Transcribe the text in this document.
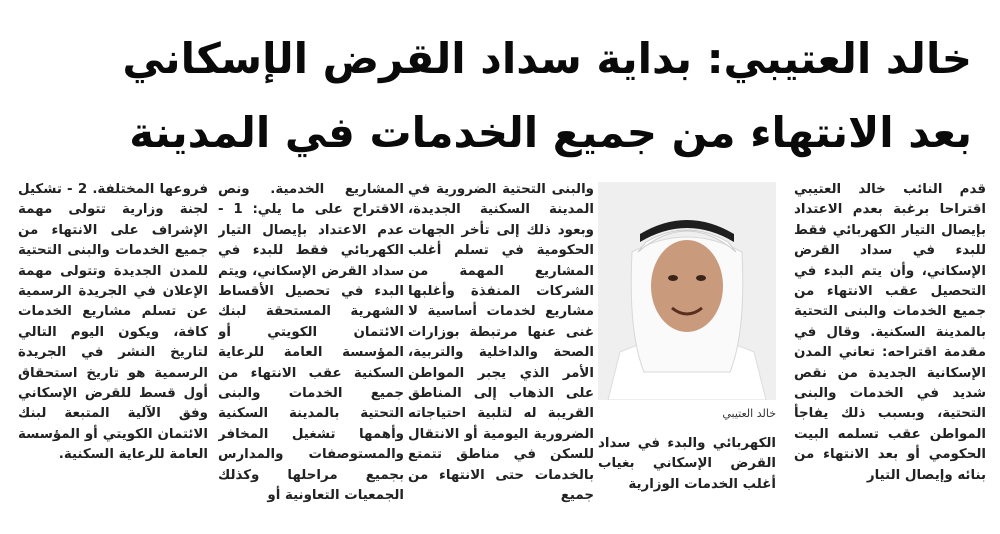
خالد العتيبي: بداية سداد القرض الإسكاني
بعد الانتهاء من جميع الخدمات في المدينة

قدم النائب خالد العتيبي اقتراحا برغبة بعدم الاعتداد بإيصال التيار الكهربائي فقط للبدء في سداد القرض الإسكاني، وأن يتم البدء في التحصيل عقب الانتهاء من جميع الخدمات والبنى التحتية بالمدينة السكنية. وقال في مقدمة اقتراحه: تعاني المدن الإسكانية الجديدة من نقص شديد في الخدمات والبنى التحتية، وبسبب ذلك يفاجأ المواطن عقب تسلمه البيت الحكومي أو بعد الانتهاء من بنائه وإيصال التيار

خالد العتيبي

والبنى التحتية الضرورية في المدينة السكنية الجديدة، وبعود ذلك إلى تأخر الجهات الحكومية في تسلم أغلب المشاريع المهمة من الشركات المنفذة وأغلبها مشاريع لخدمات أساسية لا غنى عنها مرتبطة بوزارات الصحة والداخلية والتربية، الأمر الذي يجبر المواطن على الذهاب إلى المناطق القريبة له لتلبية احتياجاته الضرورية اليومية أو الانتقال للسكن في مناطق تتمتع بالخدمات حتى الانتهاء من جميع

الكهربائي والبدء في سداد القرض الإسكاني بغياب أغلب الخدمات الوزارية

المشاريع الخدمية. ونص الاقتراح على ما يلي: 1 - عدم الاعتداد بإيصال التيار الكهربائي فقط للبدء في سداد القرض الإسكاني، ويتم البدء في تحصيل الأقساط الشهرية المستحقة لبنك الائتمان الكويتي أو المؤسسة العامة للرعاية السكنية عقب الانتهاء من جميع الخدمات والبنى التحتية بالمدينة السكنية وأهمها تشغيل المخافر والمستوصفات والمدارس بجميع مراحلها وكذلك الجمعيات التعاونية أو

فروعها المختلفة. 2 - تشكيل لجنة وزارية تتولى مهمة الإشراف على الانتهاء من جميع الخدمات والبنى التحتية للمدن الجديدة وتتولى مهمة الإعلان في الجريدة الرسمية عن تسلم مشاريع الخدمات كافة، ويكون اليوم التالي لتاريخ النشر في الجريدة الرسمية هو تاريخ استحقاق أول قسط للقرض الإسكاني وفق الآلية المتبعة لبنك الائتمان الكويتي أو المؤسسة العامة للرعاية السكنية.
